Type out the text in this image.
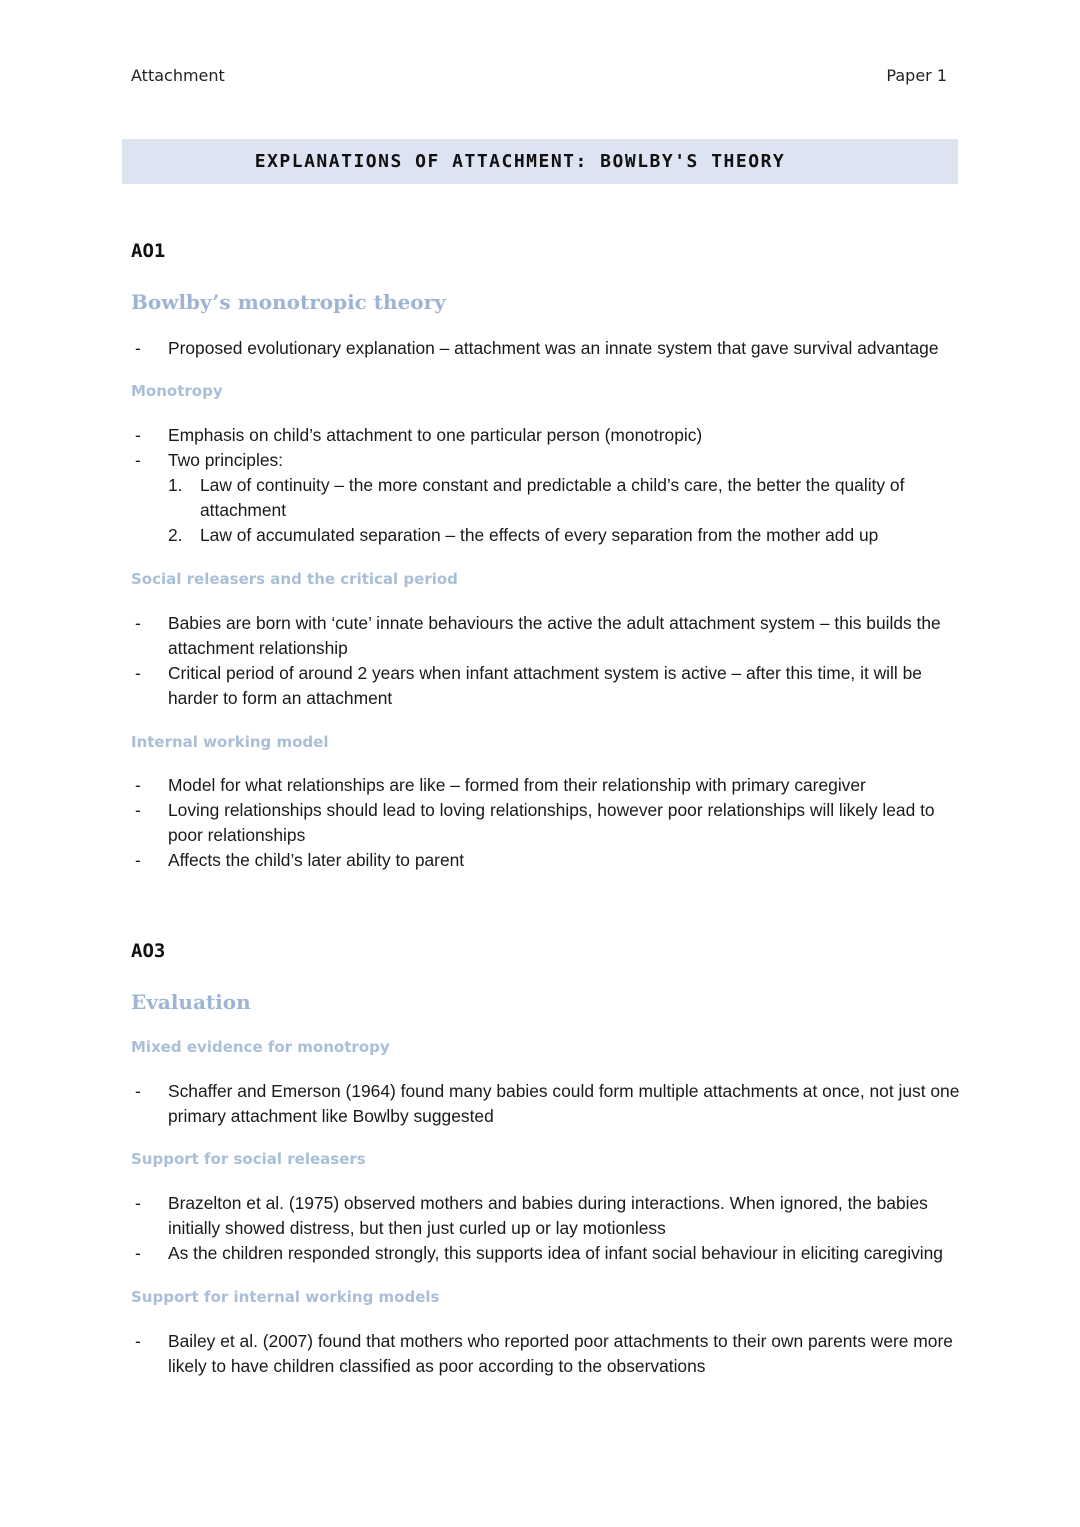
Attachment	Paper 1
EXPLANATIONS OF ATTACHMENT: BOWLBY'S THEORY
AO1
Bowlby’s monotropic theory
- Proposed evolutionary explanation – attachment was an innate system that gave survival advantage
Monotropy
- Emphasis on child’s attachment to one particular person (monotropic)
- Two principles:
1. Law of continuity – the more constant and predictable a child’s care, the better the quality of attachment
2. Law of accumulated separation – the effects of every separation from the mother add up
Social releasers and the critical period
- Babies are born with ‘cute’ innate behaviours the active the adult attachment system – this builds the attachment relationship
- Critical period of around 2 years when infant attachment system is active – after this time, it will be harder to form an attachment
Internal working model
- Model for what relationships are like – formed from their relationship with primary caregiver
- Loving relationships should lead to loving relationships, however poor relationships will likely lead to poor relationships
- Affects the child’s later ability to parent
AO3
Evaluation
Mixed evidence for monotropy
- Schaffer and Emerson (1964) found many babies could form multiple attachments at once, not just one primary attachment like Bowlby suggested
Support for social releasers
- Brazelton et al. (1975) observed mothers and babies during interactions. When ignored, the babies initially showed distress, but then just curled up or lay motionless
- As the children responded strongly, this supports idea of infant social behaviour in eliciting caregiving
Support for internal working models
- Bailey et al. (2007) found that mothers who reported poor attachments to their own parents were more likely to have children classified as poor according to the observations
